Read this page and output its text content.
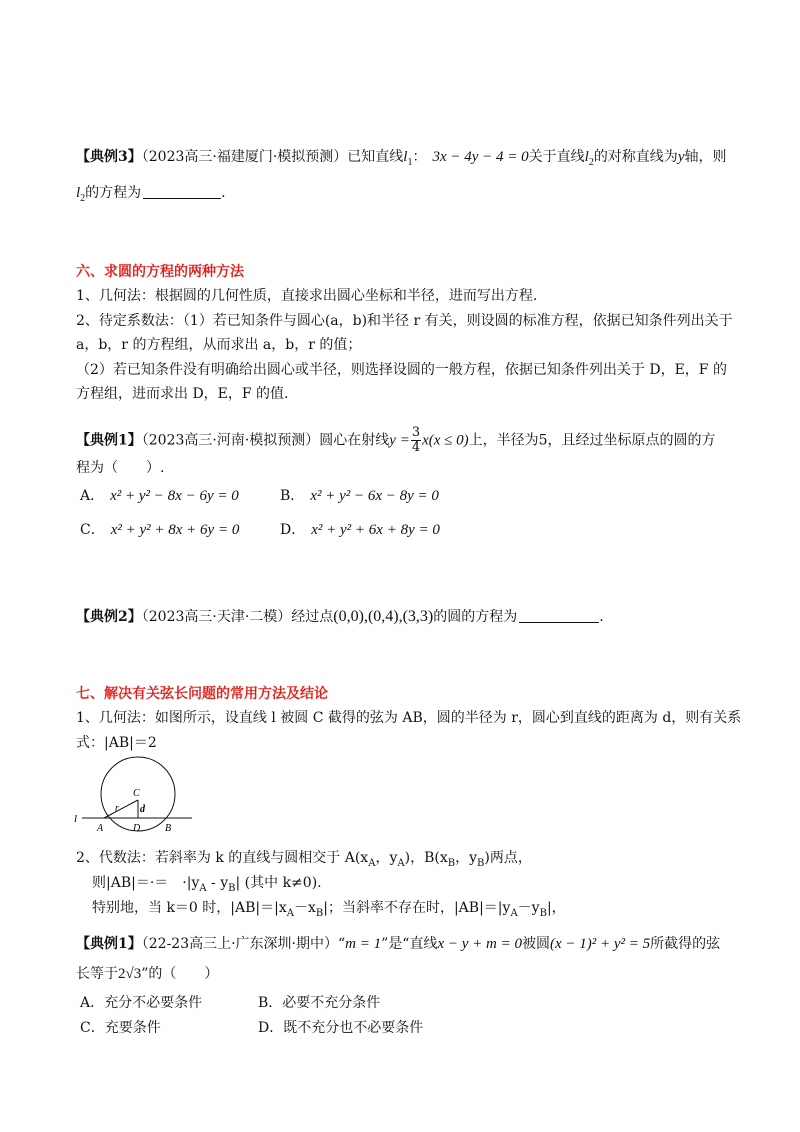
【典例3】（2023高三·福建厦门·模拟预测）已知直线$l_1$： 3x − 4y − 4 = 0关于直线$l_2$的对称直线为y轴，则
$l_2$的方程为	.
六、求圆的方程的两种方法
1、几何法：根据圆的几何性质，直接求出圆心坐标和半径，进而写出方程.
2、待定系数法：（1）若已知条件与圆心(a，b)和半径 r 有关，则设圆的标准方程，依据已知条件列出关于
a，b，r 的方程组，从而求出 a，b，r 的值；
（2）若已知条件没有明确给出圆心或半径，则选择设圆的一般方程，依据已知条件列出关于 D，E，F 的
方程组，进而求出 D，E，F 的值.
【典例1】（2023高三·河南·模拟预测）圆心在射线$y = \frac{3}{4} x(x \le 0)$上，半径为5，且经过坐标原点的圆的方
程为（　　）.
A． x² + y² − 8x − 6y = 0	B． x² + y² − 6x − 8y = 0
C． x² + y² + 8x + 6y = 0	D． x² + y² + 6x + 8y = 0
【典例2】（2023高三·天津·二模）经过点(0,0),(0,4),(3,3)的圆的方程为	.
七、解决有关弦长问题的常用方法及结论
1、几何法：如图所示，设直线 l 被圆 C 截得的弦为 AB，圆的半径为 r，圆心到直线的距离为 d，则有关系
式：|AB|＝2
l
A	D B
C
r d
2、代数法：若斜率为 k 的直线与圆相交于 $A(x_A$，$y_A$)，$B(x_B$，$y_B$)两点，
则|AB|＝·＝　$\cdot|y_A - y_B|$ (其中 k≠0).
特别地，当 k＝0 时，$|AB|=|x_A-x_B|$；当斜率不存在时，$|AB|=|y_A-y_B|$，
【典例1】（22-23高三上·广东深圳·期中）“m = 1”是“直线x − y + m = 0被圆(x − 1)² + y² = 5所截得的弦
长等于2√3”的（　　）
A．充分不必要条件	B．必要不充分条件
C．充要条件	D．既不充分也不必要条件
